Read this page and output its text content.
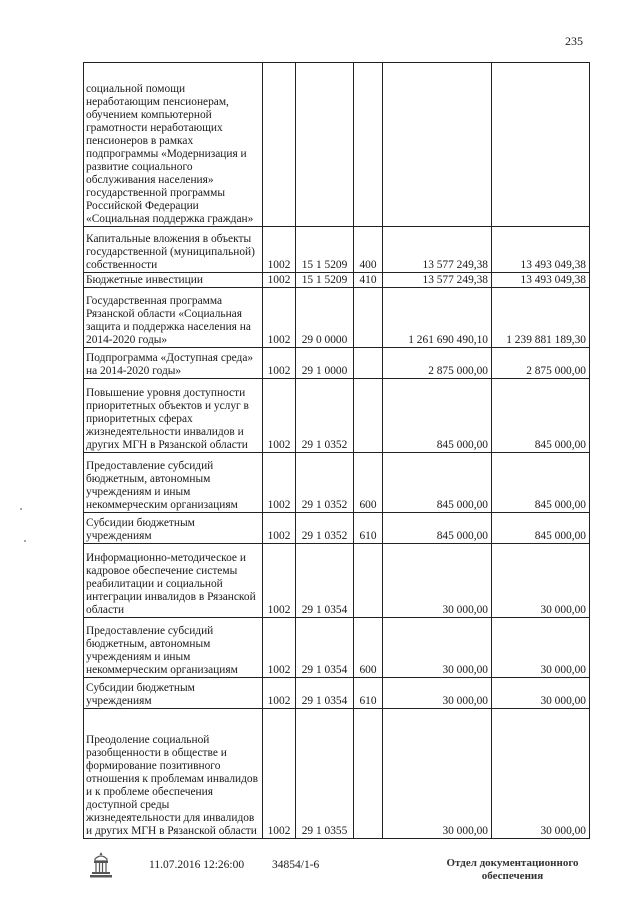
235
социальной помощи неработающим пенсионерам, обучением компьютерной грамотности неработающих пенсионеров в рамках подпрограммы «Модернизация и развитие социального обслуживания населения» государственной программы Российской Федерации «Социальная поддержка граждан»					
Капитальные вложения в объекты государственной (муниципальной) собственности	1002	15 1 5209	400	13 577 249,38	13 493 049,38
Бюджетные инвестиции	1002	15 1 5209	410	13 577 249,38	13 493 049,38
Государственная программа Рязанской области «Социальная защита и поддержка населения на 2014-2020 годы»	1002	29 0 0000		1 261 690 490,10	1 239 881 189,30
Подпрограмма «Доступная среда» на 2014-2020 годы»	1002	29 1 0000		2 875 000,00	2 875 000,00
Повышение уровня доступности приоритетных объектов и услуг в приоритетных сферах жизнедеятельности инвалидов и других МГН в Рязанской области	1002	29 1 0352		845 000,00	845 000,00
Предоставление субсидий бюджетным, автономным учреждениям и иным некоммерческим организациям	1002	29 1 0352	600	845 000,00	845 000,00
Субсидии бюджетным учреждениям	1002	29 1 0352	610	845 000,00	845 000,00
Информационно-методическое и кадровое обеспечение системы реабилитации и социальной интеграции инвалидов в Рязанской области	1002	29 1 0354		30 000,00	30 000,00
Предоставление субсидий бюджетным, автономным учреждениям и иным некоммерческим организациям	1002	29 1 0354	600	30 000,00	30 000,00
Субсидии бюджетным учреждениям	1002	29 1 0354	610	30 000,00	30 000,00
Преодоление социальной разобщенности в обществе и формирование позитивного отношения к проблемам инвалидов и к проблеме обеспечения доступной среды жизнедеятельности для инвалидов и других МГН в Рязанской области	1002	29 1 0355		30 000,00	30 000,00
11.07.2016 12:26:00 34854/1-6	Отдел документационного обеспечения
